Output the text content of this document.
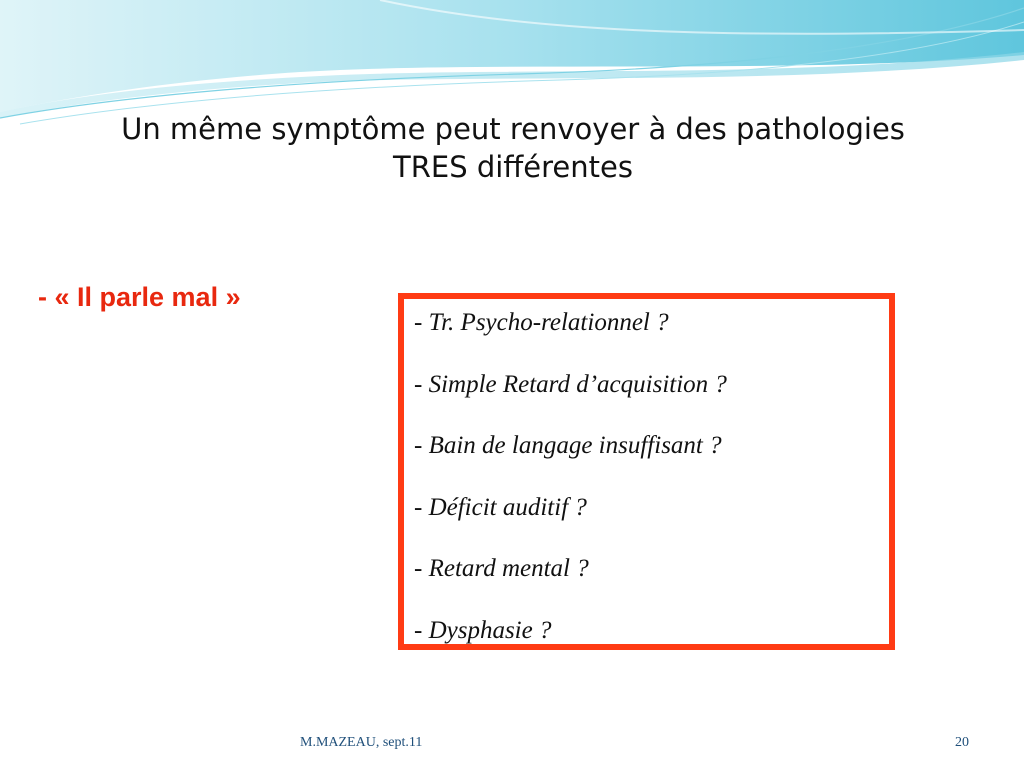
Un même symptôme peut renvoyer à des pathologies
TRES différentes
- « Il parle mal »
- Tr. Psycho-relationnel ?
- Simple Retard d’acquisition ?
- Bain de langage insuffisant ?
- Déficit auditif ?
- Retard mental ?
- Dysphasie ?
M.MAZEAU, sept.11	20
